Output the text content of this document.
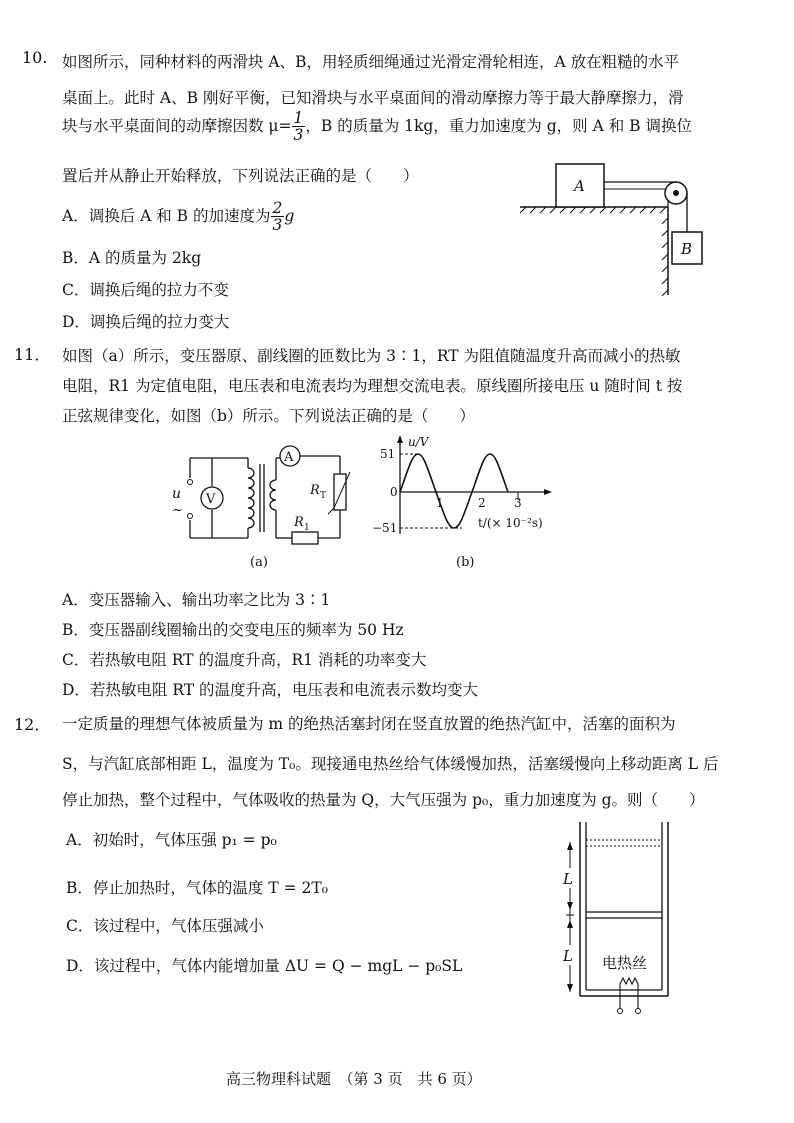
10. 如图所示，同种材料的两滑块 A、B，用轻质细绳通过光滑定滑轮相连，A 放在粗糙的水平
桌面上。此时 A、B 刚好平衡，已知滑块与水平桌面间的滑动摩擦力等于最大静摩擦力，滑
块与水平桌面间的动摩擦因数 $\mu= \frac{1}{3}$ ，B 的质量为 1kg，重力加速度为 g，则 A 和 B 调换位
置后并从静止开始释放，下列说法正确的是（　　）
A．调换后 A 和 B 的加速度为 $\frac{2}{3}$ g
B．A 的质量为 2kg
C．调换后绳的拉力不变
D．调换后绳的拉力变大
A
B
11． 如图（a）所示，变压器原、副线圈的匝数比为 3∶1，RT 为阻值随温度升高而减小的热敏
电阻，R1 为定值电阻，电压表和电流表均为理想交流电表。原线圈所接电压 u 随时间 t 按
正弦规律变化，如图（b）所示。下列说法正确的是（　　）
u
~
V
A
R T
R 1
(a)
u/V
51
0
−51
1	2 3
t/(× 10⁻²s)
(b)
A．变压器输入、输出功率之比为 3∶1
B．变压器副线圈输出的交变电压的频率为 50 Hz
C．若热敏电阻 RT 的温度升高，R1 消耗的功率变大
D．若热敏电阻 RT 的温度升高，电压表和电流表示数均变大
12． 一定质量的理想气体被质量为 m 的绝热活塞封闭在竖直放置的绝热汽缸中，活塞的面积为
S，与汽缸底部相距 L，温度为 T₀。现接通电热丝给气体缓慢加热，活塞缓慢向上移动距离 L 后
停止加热，整个过程中，气体吸收的热量为 Q，大气压强为 p₀，重力加速度为 g。则（　　）
A．初始时，气体压强 p₁ = p₀
B．停止加热时，气体的温度 T = 2T₀
C．该过程中，气体压强减小
D．该过程中，气体内能增加量 ΔU = Q − mgL − p₀SL
L
L 电热丝
高三物理科试题　（第 3 页　共 6 页）
